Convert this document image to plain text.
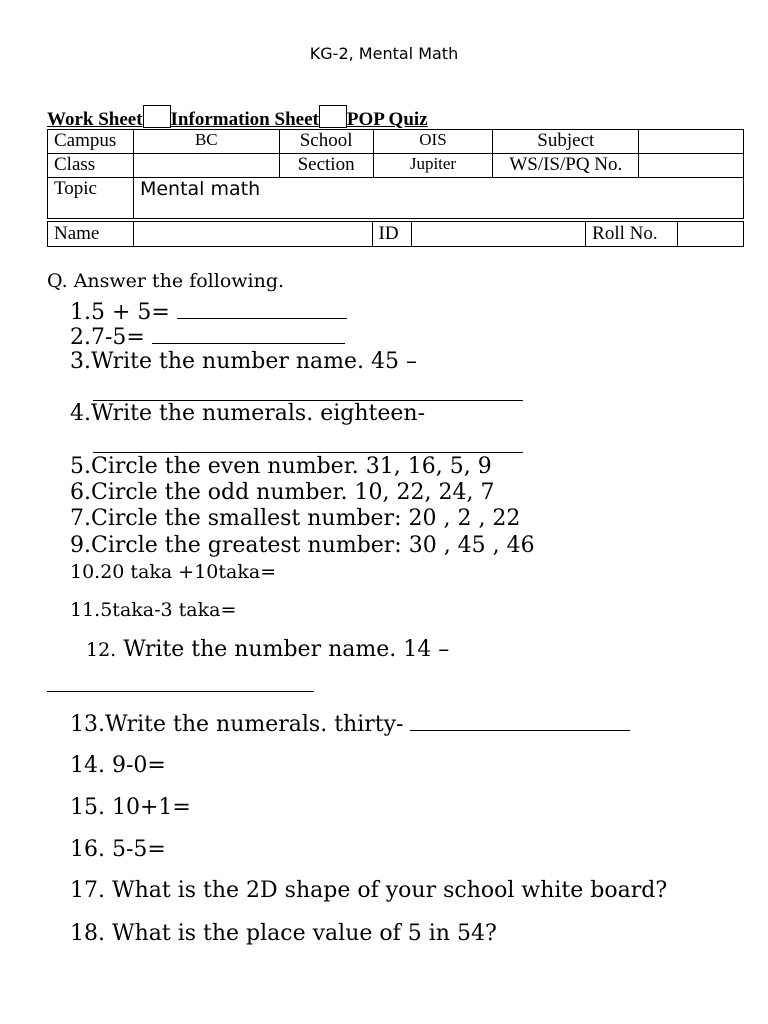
KG-2, Mental Math
Work Sheet Information Sheet POP Quiz
Campus	BC	School	OIS	Subject	
Class		Section	Jupiter	WS/IS/PQ No.	
Topic	Mental math				
Name		ID		Roll No.	
Q. Answer the following.
1.5 + 5=
2.7-5=
3.Write the number name. 45 –
4.Write the numerals. eighteen-
5.Circle the even number. 31, 16, 5, 9
6.Circle the odd number. 10, 22, 24, 7
7.Circle the smallest number: 20 , 2 , 22
9.Circle the greatest number: 30 , 45 , 46
10.20 taka +10taka=
11.5taka-3 taka=
12. Write the number name. 14 –
13.Write the numerals. thirty-
14. 9-0=
15. 10+1=
16. 5-5=
17. What is the 2D shape of your school white board?
18. What is the place value of 5 in 54?
